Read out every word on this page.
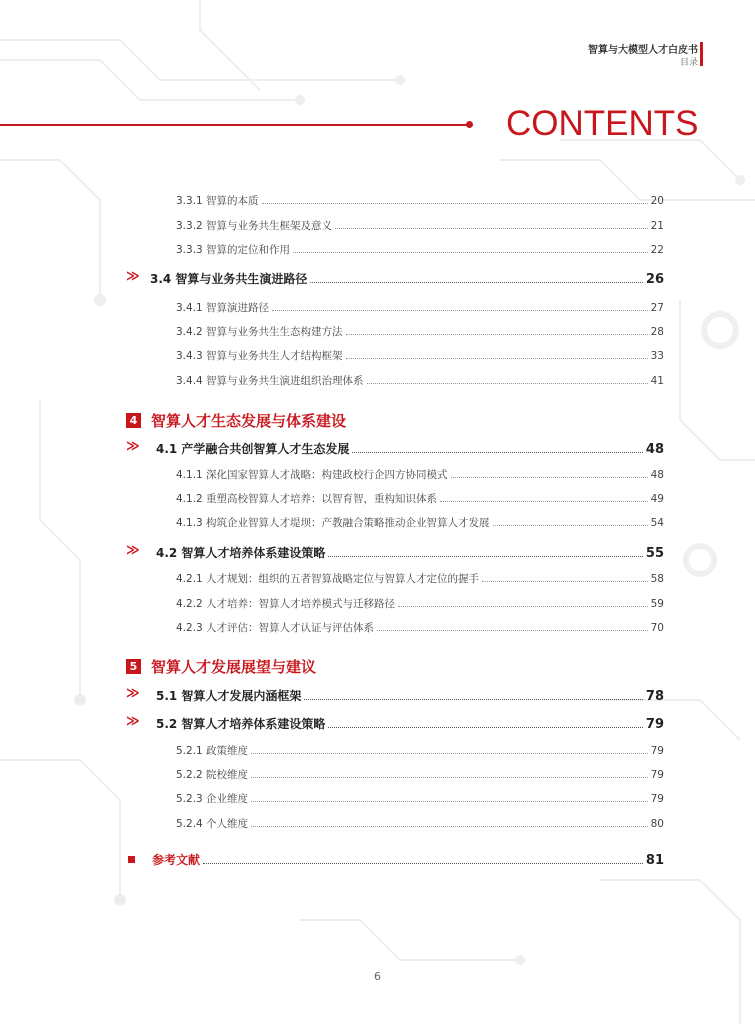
智算与大模型人才白皮书
目录
CONTENTS
3.3.1 智算的本质	20
3.3.2 智算与业务共生框架及意义	21
3.3.3 智算的定位和作用	22
≫ 3.4 智算与业务共生演进路径	26
3.4.1 智算演进路径	27
3.4.2 智算与业务共生生态构建方法	28
3.4.3 智算与业务共生人才结构框架	33
3.4.4 智算与业务共生演进组织治理体系	41
4 智算人才生态发展与体系建设
≫ 4.1 产学融合共创智算人才生态发展	48
4.1.1 深化国家智算人才战略：构建政校行企四方协同模式	48
4.1.2 重塑高校智算人才培养：以智育智，重构知识体系	49
4.1.3 构筑企业智算人才堤坝：产教融合策略推动企业智算人才发展	54
≫ 4.2 智算人才培养体系建设策略	55
4.2.1 人才规划：组织的五者智算战略定位与智算人才定位的握手	58
4.2.2 人才培养：智算人才培养模式与迁移路径	59
4.2.3 人才评估：智算人才认证与评估体系	70
5 智算人才发展展望与建议
≫ 5.1 智算人才发展内涵框架	78
≫ 5.2 智算人才培养体系建设策略	79
5.2.1 政策维度	79
5.2.2 院校维度	79
5.2.3 企业维度	79
5.2.4 个人维度	80
参考文献	81
6
